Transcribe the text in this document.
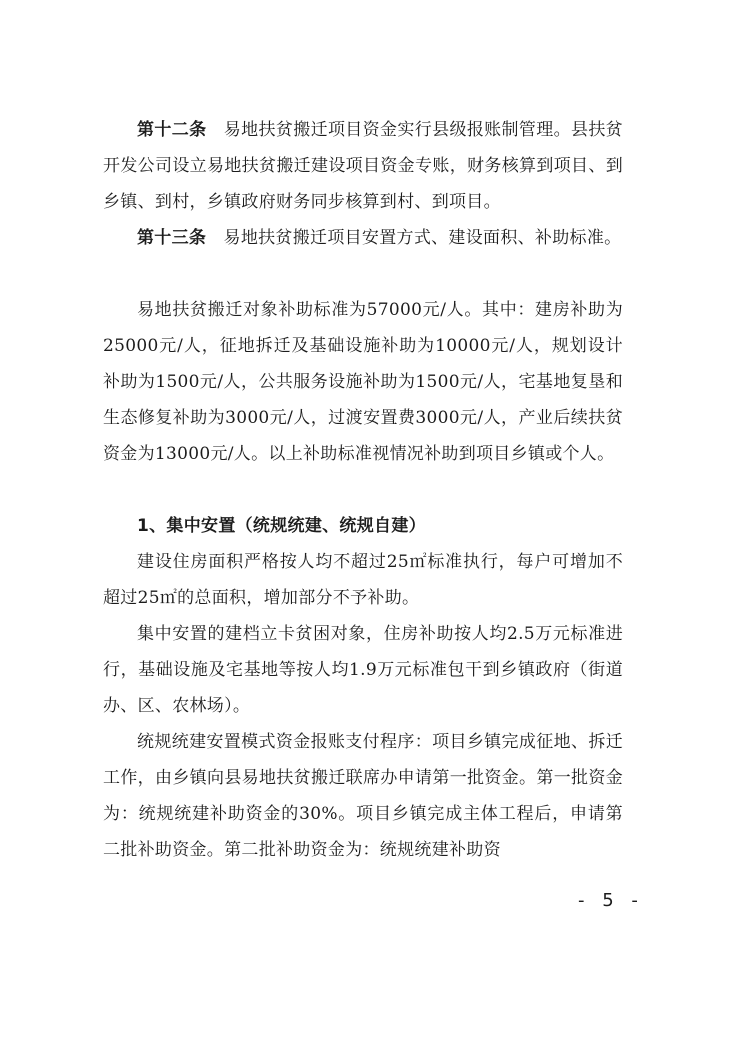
第十二条　 易地扶贫搬迁项目资金实行县级报账制管理。县扶贫开发公司设立易地扶贫搬迁建设项目资金专账，财务核算到项目、到乡镇、到村，乡镇政府财务同步核算到村、到项目。

第十三条　 易地扶贫搬迁项目安置方式、建设面积、补助标准。

易地扶贫搬迁对象补助标准为57000元/人。其中：建房补助为25000元/人，征地拆迁及基础设施补助为10000元/人，规划设计补助为1500元/人，公共服务设施补助为1500元/人，宅基地复垦和生态修复补助为3000元/人，过渡安置费3000元/人，产业后续扶贫资金为13000元/人。以上补助标准视情况补助到项目乡镇或个人。

1、集中安置（统规统建、统规自建）

建设住房面积严格按人均不超过25㎡标准执行，每户可增加不超过25㎡的总面积，增加部分不予补助。

集中安置的建档立卡贫困对象，住房补助按人均2.5万元标准进行，基础设施及宅基地等按人均1.9万元标准包干到乡镇政府（街道办、区、农林场）。

统规统建安置模式资金报账支付程序：项目乡镇完成征地、拆迁工作，由乡镇向县易地扶贫搬迁联席办申请第一批资金。第一批资金为：统规统建补助资金的30%。项目乡镇完成主体工程后，申请第二批补助资金。第二批补助资金为：统规统建补助资

- 5 -
